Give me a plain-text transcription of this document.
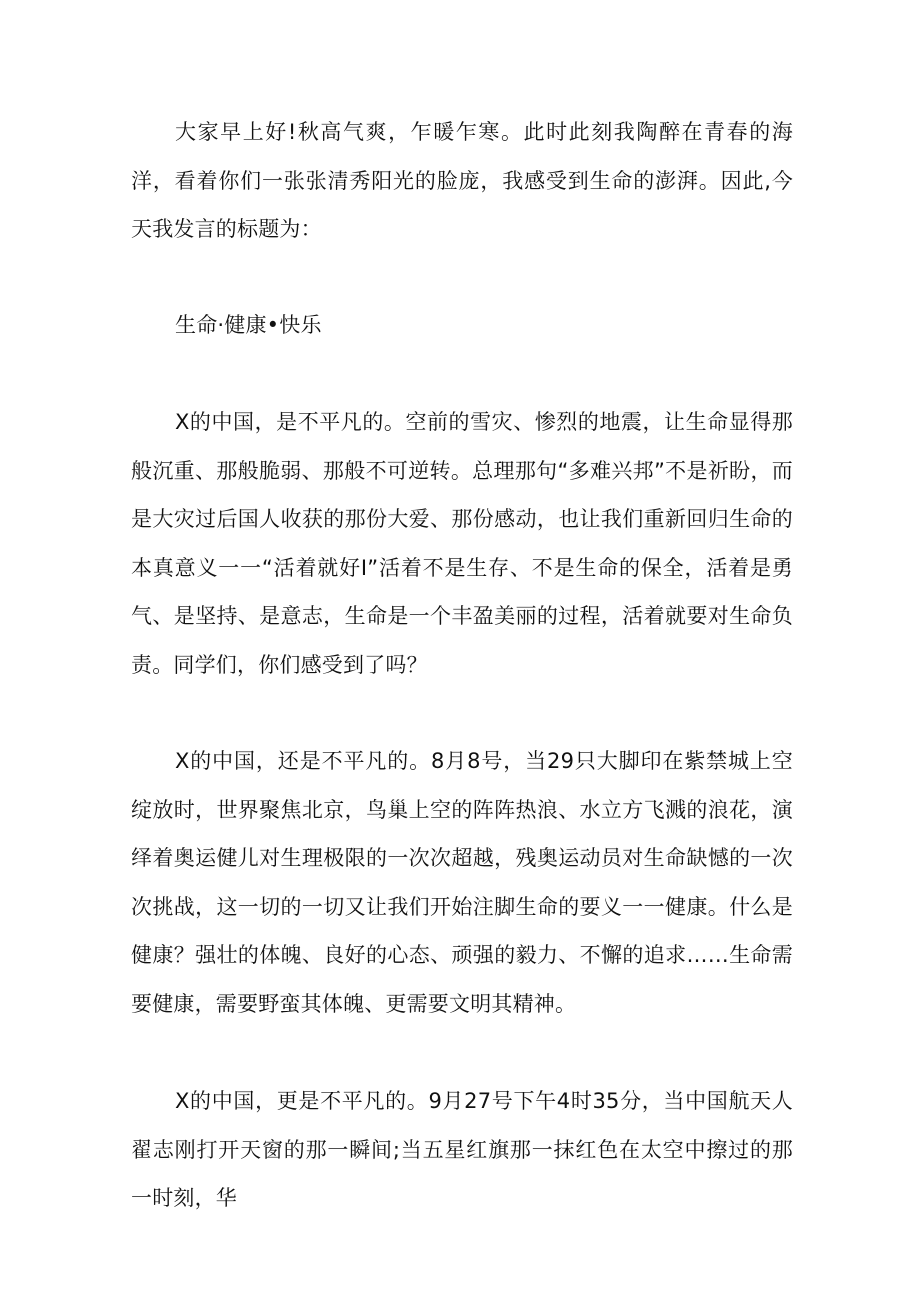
大家早上好!秋高气爽，乍暖乍寒。此时此刻我陶醉在青春的海洋，看着你们一张张清秀阳光的脸庞，我感受到生命的澎湃。因此,今天我发言的标题为：

生命·健康•快乐

X的中国，是不平凡的。空前的雪灾、惨烈的地震，让生命显得那般沉重、那般脆弱、那般不可逆转。总理那句“多难兴邦”不是祈盼，而是大灾过后国人收获的那份大爱、那份感动，也让我们重新回归生命的本真意义一一“活着就好I”活着不是生存、不是生命的保全，活着是勇气、是坚持、是意志，生命是一个丰盈美丽的过程，活着就要对生命负责。同学们，你们感受到了吗？

X的中国，还是不平凡的。8月8号，当29只大脚印在紫禁城上空绽放时，世界聚焦北京，鸟巢上空的阵阵热浪、水立方飞溅的浪花，演绎着奥运健儿对生理极限的一次次超越，残奥运动员对生命缺憾的一次次挑战，这一切的一切又让我们开始注脚生命的要义一一健康。什么是健康？强壮的体魄、良好的心态、顽强的毅力、不懈的追求……生命需要健康，需要野蛮其体魄、更需要文明其精神。

X的中国，更是不平凡的。9月27号下午4时35分，当中国航天人翟志刚打开天窗的那一瞬间;当五星红旗那一抹红色在太空中擦过的那一时刻，华
